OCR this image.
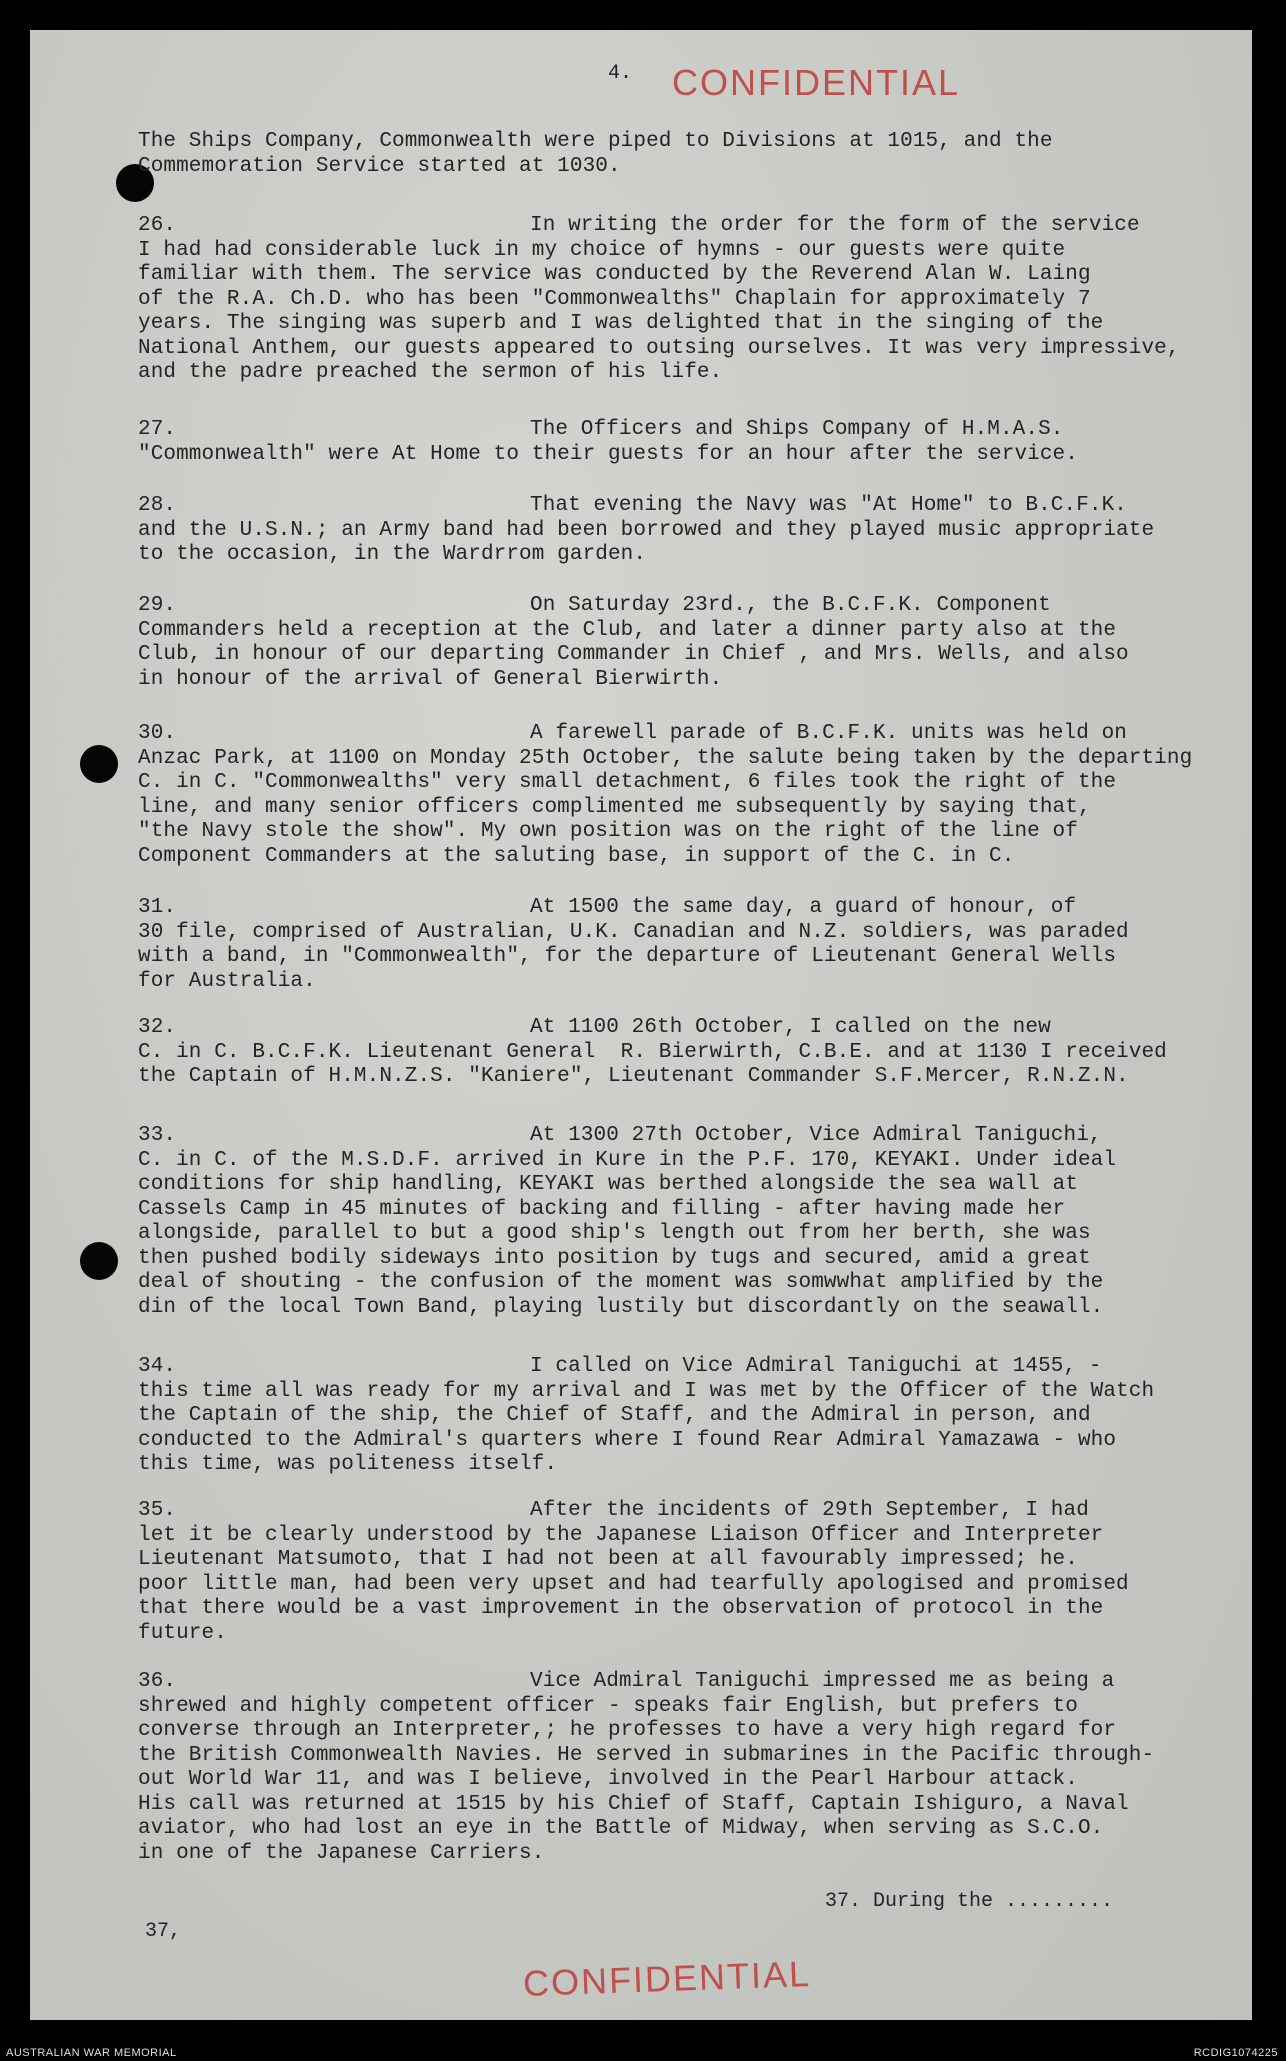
4. CONFIDENTIAL
The Ships Company, Commonwealth were piped to Divisions at 1015, and the
Commemoration Service started at 1030.
26.	In writing the order for the form of the service
I had had considerable luck in my choice of hymns - our guests were quite
familiar with them. The service was conducted by the Reverend Alan W. Laing
of the R.A. Ch.D. who has been "Commonwealths" Chaplain for approximately 7
years. The singing was superb and I was delighted that in the singing of the
National Anthem, our guests appeared to outsing ourselves. It was very impressive,
and the padre preached the sermon of his life.
27.	The Officers and Ships Company of H.M.A.S.
"Commonwealth" were At Home to their guests for an hour after the service.
28.	That evening the Navy was "At Home" to B.C.F.K.
and the U.S.N.; an Army band had been borrowed and they played music appropriate
to the occasion, in the Wardrrom garden.
29.	On Saturday 23rd., the B.C.F.K. Component
Commanders held a reception at the Club, and later a dinner party also at the
Club, in honour of our departing Commander in Chief , and Mrs. Wells, and also
in honour of the arrival of General Bierwirth.
30.	A farewell parade of B.C.F.K. units was held on
Anzac Park, at 1100 on Monday 25th October, the salute being taken by the departing
C. in C. "Commonwealths" very small detachment, 6 files took the right of the
line, and many senior officers complimented me subsequently by saying that,
"the Navy stole the show". My own position was on the right of the line of
Component Commanders at the saluting base, in support of the C. in C.
31.	At 1500 the same day, a guard of honour, of
30 file, comprised of Australian, U.K. Canadian and N.Z. soldiers, was paraded
with a band, in "Commonwealth", for the departure of Lieutenant General Wells
for Australia.
32.	At 1100 26th October, I called on the new
C. in C. B.C.F.K. Lieutenant General  R. Bierwirth, C.B.E. and at 1130 I received
the Captain of H.M.N.Z.S. "Kaniere", Lieutenant Commander S.F.Mercer, R.N.Z.N.
33.	At 1300 27th October, Vice Admiral Taniguchi,
C. in C. of the M.S.D.F. arrived in Kure in the P.F. 170, KEYAKI. Under ideal
conditions for ship handling, KEYAKI was berthed alongside the sea wall at
Cassels Camp in 45 minutes of backing and filling - after having made her
alongside, parallel to but a good ship's length out from her berth, she was
then pushed bodily sideways into position by tugs and secured, amid a great
deal of shouting - the confusion of the moment was somwwhat amplified by the
din of the local Town Band, playing lustily but discordantly on the seawall.
34.	I called on Vice Admiral Taniguchi at 1455, -
this time all was ready for my arrival and I was met by the Officer of the Watch
the Captain of the ship, the Chief of Staff, and the Admiral in person, and
conducted to the Admiral's quarters where I found Rear Admiral Yamazawa - who
this time, was politeness itself.
35.	After the incidents of 29th September, I had
let it be clearly understood by the Japanese Liaison Officer and Interpreter
Lieutenant Matsumoto, that I had not been at all favourably impressed; he.
poor little man, had been very upset and had tearfully apologised and promised
that there would be a vast improvement in the observation of protocol in the
future.
36.	Vice Admiral Taniguchi impressed me as being a
shrewed and highly competent officer - speaks fair English, but prefers to
converse through an Interpreter,; he professes to have a very high regard for
the British Commonwealth Navies. He served in submarines in the Pacific through-
out World War 11, and was I believe, involved in the Pearl Harbour attack.
His call was returned at 1515 by his Chief of Staff, Captain Ishiguro, a Naval
aviator, who had lost an eye in the Battle of Midway, when serving as S.C.O.
in one of the Japanese Carriers.
37. During the .........
37,
CONFIDENTIAL
AUSTRALIAN WAR MEMORIAL	RCDIG1074225
